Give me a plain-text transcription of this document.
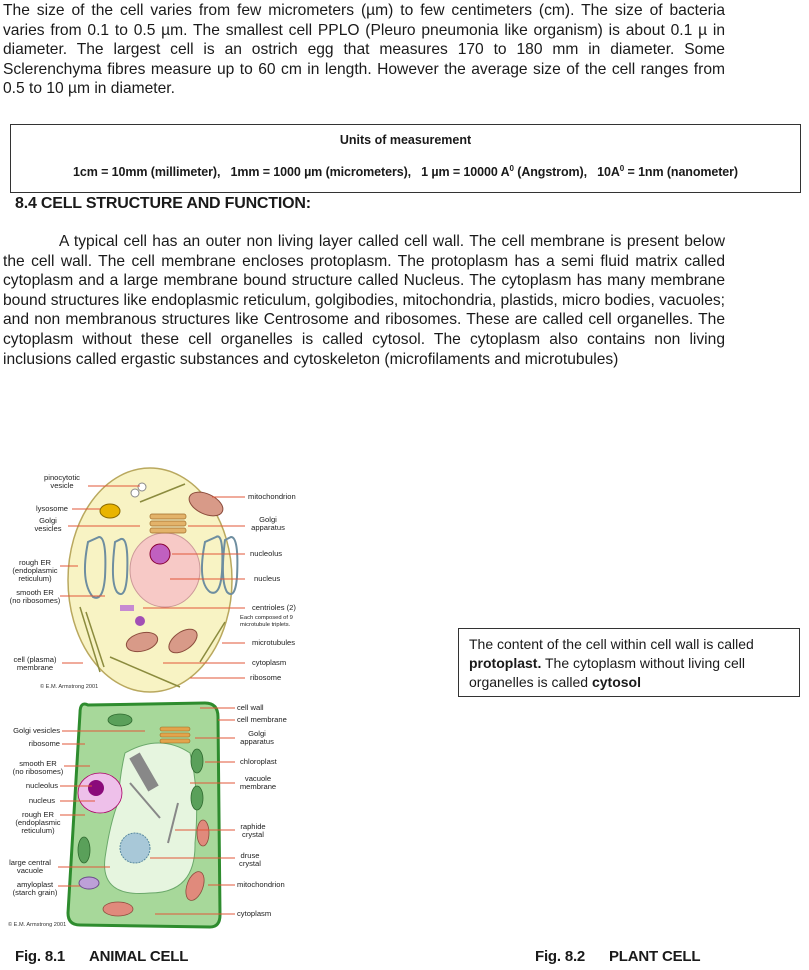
The size of the cell varies from few micrometers (µm) to few centimeters (cm). The size of bacteria varies from 0.1 to 0.5 µm. The smallest cell PPLO (Pleuro pneumonia like organism) is about 0.1 µ in diameter. The largest cell is an ostrich egg that measures 170 to 180 mm in diameter. Some Sclerenchyma fibres measure up to 60 cm in length. However the average size of the cell ranges from 0.5 to 10 µm in diameter.

Units of measurement
1cm = 10mm (millimeter), 1mm = 1000 µm (micrometers), 1 µm = 10000 $A^0$ (Angstrom), $10A^0 = 1nm$ (nanometer)
8.4 CELL STRUCTURE AND FUNCTION:

A typical cell has an outer non living layer called cell wall. The cell membrane is present below the cell wall. The cell membrane encloses protoplasm. The protoplasm has a semi fluid matrix called cytoplasm and a large membrane bound structure called Nucleus. The cytoplasm has many membrane bound structures like endoplasmic reticulum, golgibodies, mitochondria, plastids, micro bodies, vacuoles; and non membranous structures like Centrosome and ribosomes. These are called cell organelles. The cytoplasm without these cell organelles is called cytosol. The cytoplasm also contains non living inclusions called ergastic substances and cytoskeleton (microfilaments and microtubules)

pinocytotic
vesicle
lysosome
Golgi
vesicles
rough ER
(endoplasmic
reticulum)
smooth ER
(no ribosomes)
cell (plasma)
membrane
mitochondrion
Golgi
apparatus
nucleolus
nucleus
centrioles (2)
Each composed of 9
microtubule triplets.
microtubules
cytoplasm
ribosome
© E.M. Armstrong 2001
Golgi vesicles
ribosome
smooth ER
(no ribosomes)
nucleolus
nucleus
rough ER
(endoplasmic
reticulum)
large central
vacuole
amyloplast
(starch grain)
cell wall
cell membrane
Golgi
apparatus
chloroplast
vacuole
membrane
raphide
crystal
druse
crystal
mitochondrion
cytoplasm
© E.M. Armstrong 2001
The content of the cell within cell wall is called protoplast. The cytoplasm without living cell organelles is called cytosol
Fig. 8.1 ANIMAL CELL	Fig. 8.2 PLANT CELL
